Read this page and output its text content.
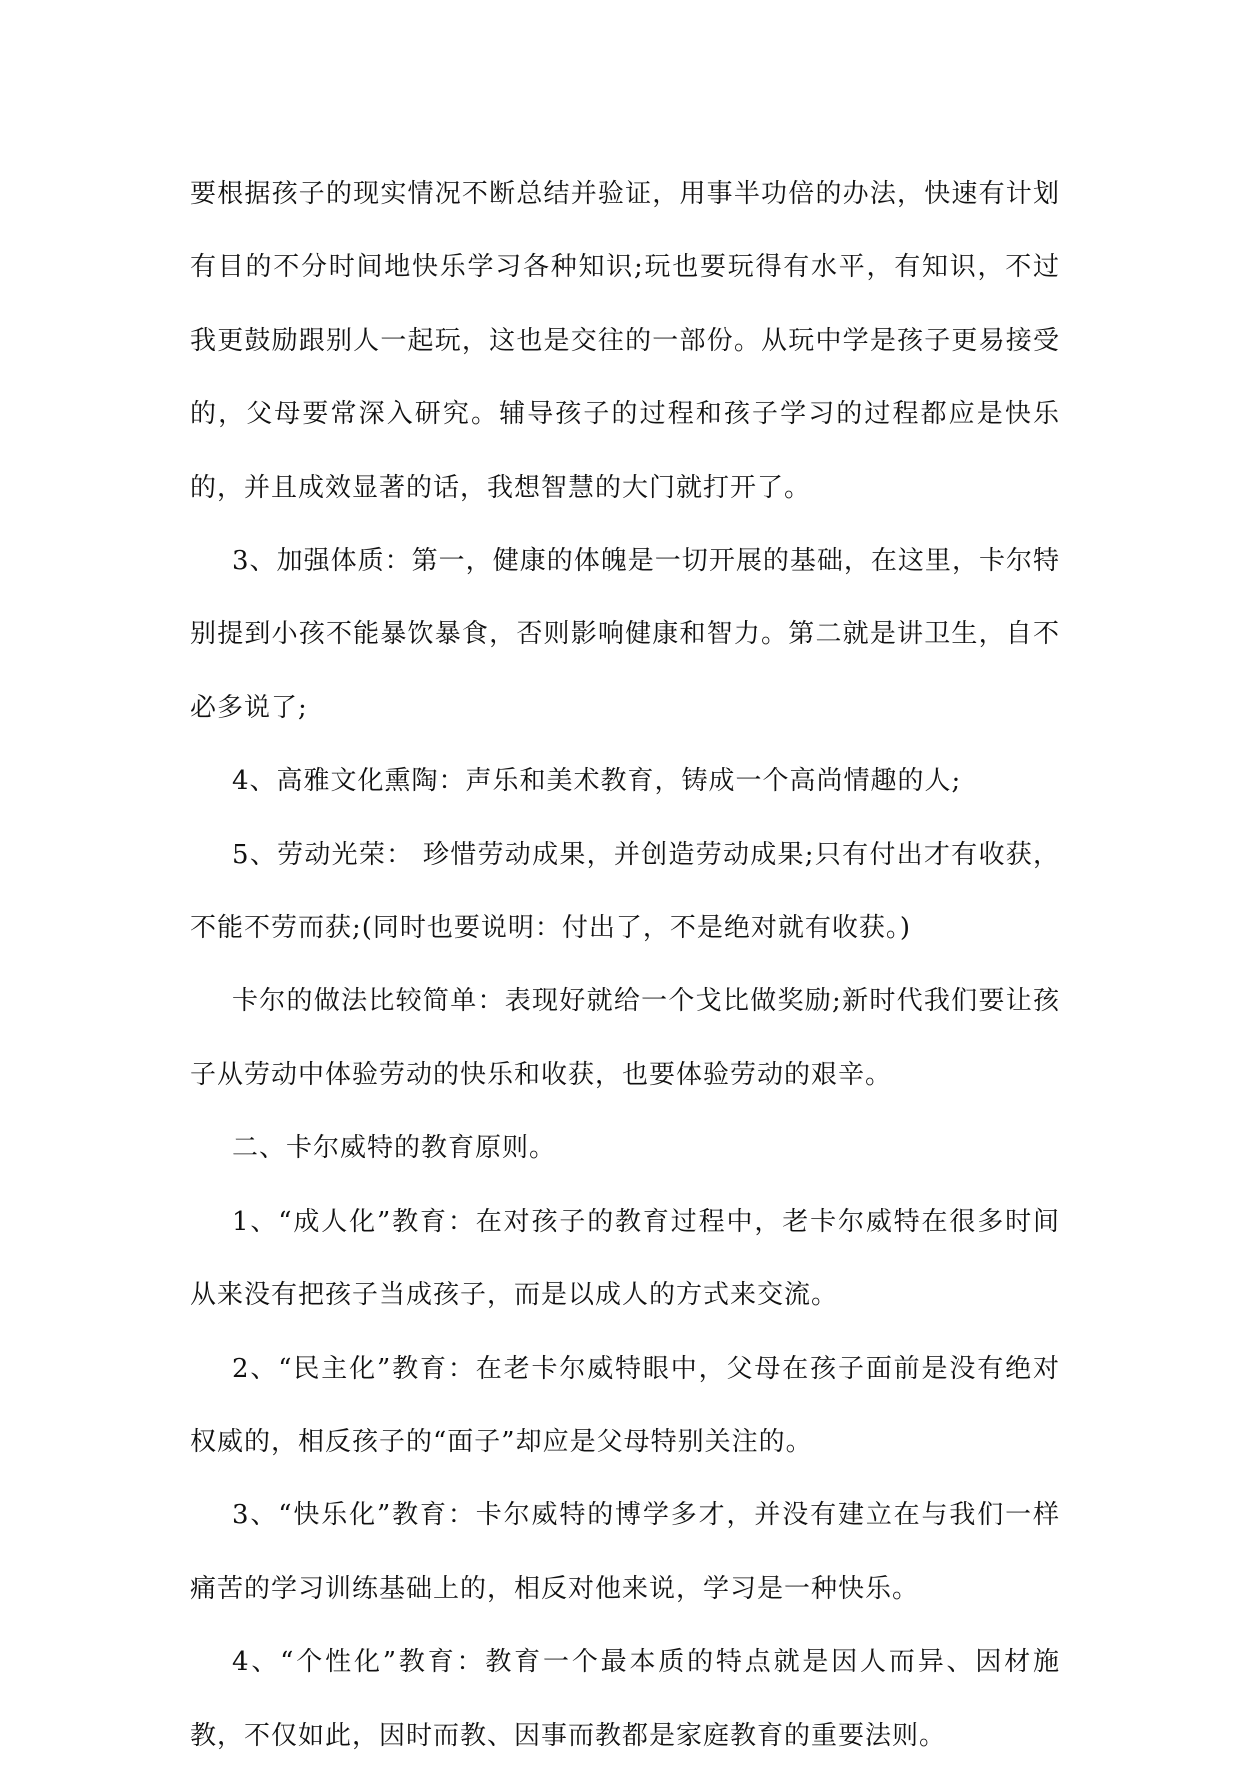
要根据孩子的现实情况不断总结并验证，用事半功倍的办法，快速有计划有目的不分时间地快乐学习各种知识;玩也要玩得有水平，有知识，不过我更鼓励跟别人一起玩，这也是交往的一部份。从玩中学是孩子更易接受的，父母要常深入研究。辅导孩子的过程和孩子学习的过程都应是快乐的，并且成效显著的话，我想智慧的大门就打开了。

3、加强体质：第一，健康的体魄是一切开展的基础，在这里，卡尔特别提到小孩不能暴饮暴食，否则影响健康和智力。第二就是讲卫生，自不必多说了;

4、高雅文化熏陶：声乐和美术教育，铸成一个高尚情趣的人;

5、劳动光荣： 珍惜劳动成果，并创造劳动成果;只有付出才有收获，不能不劳而获;(同时也要说明：付出了，不是绝对就有收获。)

卡尔的做法比较简单：表现好就给一个戈比做奖励;新时代我们要让孩子从劳动中体验劳动的快乐和收获，也要体验劳动的艰辛。

二、卡尔威特的教育原则。

1、“成人化”教育：在对孩子的教育过程中，老卡尔威特在很多时间从来没有把孩子当成孩子，而是以成人的方式来交流。

2、“民主化”教育：在老卡尔威特眼中，父母在孩子面前是没有绝对权威的，相反孩子的“面子”却应是父母特别关注的。

3、“快乐化”教育：卡尔威特的博学多才，并没有建立在与我们一样痛苦的学习训练基础上的，相反对他来说，学习是一种快乐。

4、“个性化”教育：教育一个最本质的特点就是因人而异、因材施教，不仅如此，因时而教、因事而教都是家庭教育的重要法则。
